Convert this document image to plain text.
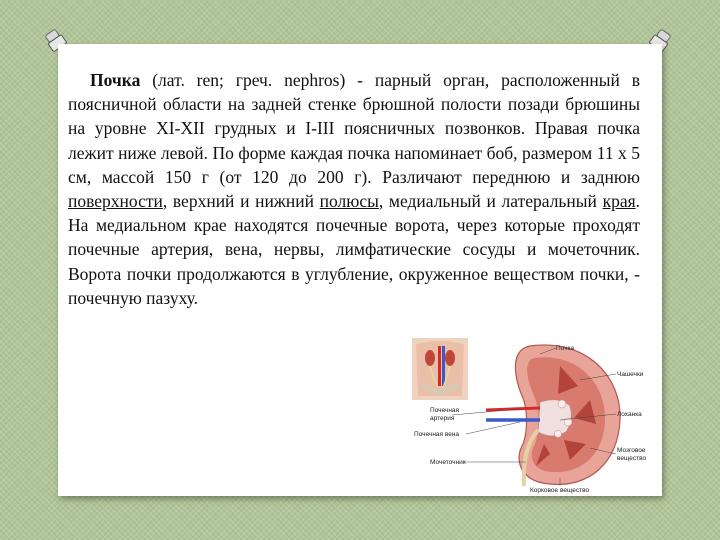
Почка (лат. ren; греч. nephros) - парный орган, расположенный в поясничной области на задней стенке брюшной полости позади брюшины на уровне XI-XII грудных и I-III поясничных позвонков. Правая почка лежит ниже левой. По форме каждая почка напоминает боб, размером 11 х 5 см, массой 150 г (от 120 до 200 г). Различают переднюю и заднюю поверхности, верхний и нижний полюсы, медиальный и латеральный края. На медиальном крае находятся почечные ворота, через которые проходят почечные артерия, вена, нервы, лимфатические сосуды и мочеточник. Ворота почки продолжаются в углубление, окруженное веществом почки, - почечную пазуху.

Почка
Чашечки
Лоханка
Почечная
артерия
Почечная вена
Мозговое
вещество
Мочеточник
Корковое вещество
